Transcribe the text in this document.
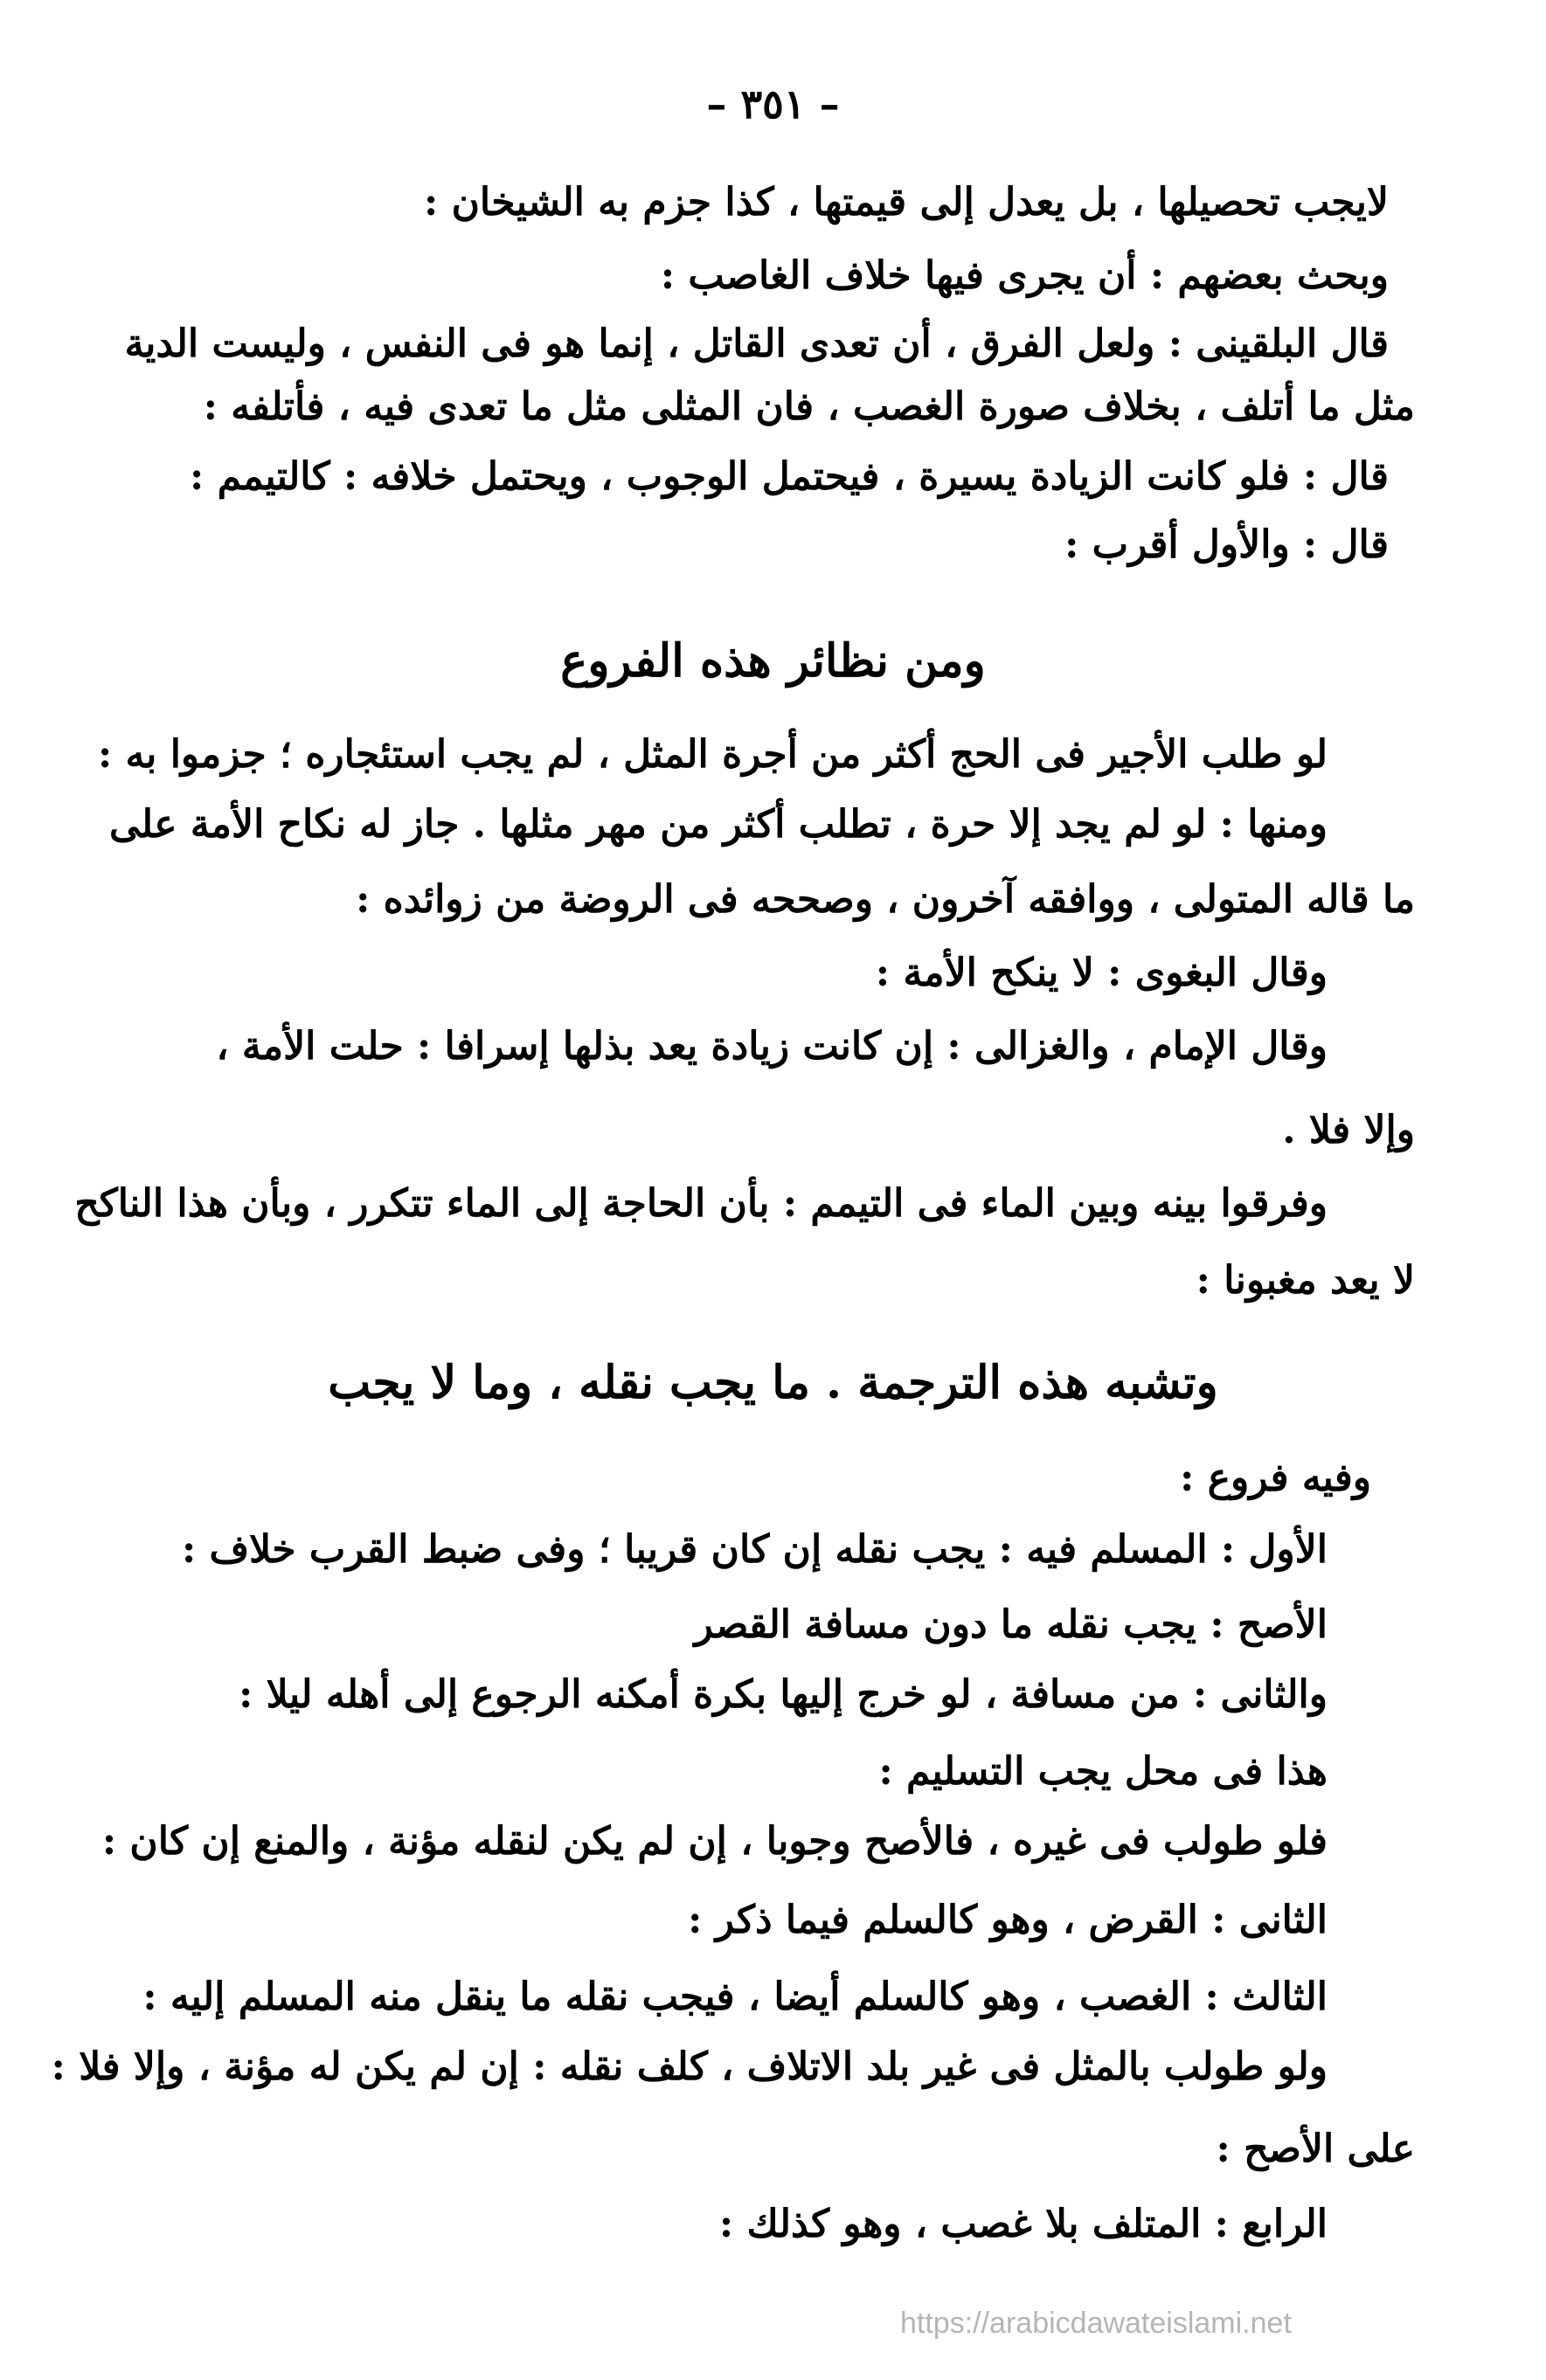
– ٣٥١ –
لايجب تحصيلها ، بل يعدل إلى قيمتها ، كذا جزم به الشيخان :
وبحث بعضهم : أن يجرى فيها خلاف الغاصب :
قال البلقينى : ولعل الفرق ، أن تعدى القاتل ، إنما هو فى النفس ، وليست الدية
مثل ما أتلف ، بخلاف صورة الغصب ، فان المثلى مثل ما تعدى فيه ، فأتلفه :
قال : فلو كانت الزيادة يسيرة ، فيحتمل الوجوب ، ويحتمل خلافه : كالتيمم :
قال : والأول أقرب :
ومن نظائر هذه الفروع
لو طلب الأجير فى الحج أكثر من أجرة المثل ، لم يجب استئجاره ؛ جزموا به :
ومنها : لو لم يجد إلا حرة ، تطلب أكثر من مهر مثلها . جاز له نكاح الأمة على
ما قاله المتولى ، ووافقه آخرون ، وصححه فى الروضة من زوائده :
وقال البغوى : لا ينكح الأمة :
وقال الإمام ، والغزالى : إن كانت زيادة يعد بذلها إسرافا : حلت الأمة ،
وإلا فلا .
وفرقوا بينه وبين الماء فى التيمم : بأن الحاجة إلى الماء تتكرر ، وبأن هذا الناكح
لا يعد مغبونا :
وتشبه هذه الترجمة . ما يجب نقله ، وما لا يجب
وفيه فروع :
الأول : المسلم فيه : يجب نقله إن كان قريبا ؛ وفى ضبط القرب خلاف :
الأصح : يجب نقله ما دون مسافة القصر
والثانى : من مسافة ، لو خرج إليها بكرة أمكنه الرجوع إلى أهله ليلا :
هذا فى محل يجب التسليم :
فلو طولب فى غيره ، فالأصح وجوبا ، إن لم يكن لنقله مؤنة ، والمنع إن كان :
الثانى : القرض ، وهو كالسلم فيما ذكر :
الثالث : الغصب ، وهو كالسلم أيضا ، فيجب نقله ما ينقل منه المسلم إليه :
ولو طولب بالمثل فى غير بلد الاتلاف ، كلف نقله : إن لم يكن له مؤنة ، وإلا فلا :
على الأصح :
الرابع : المتلف بلا غصب ، وهو كذلك :
https://arabicdawateislami.net
